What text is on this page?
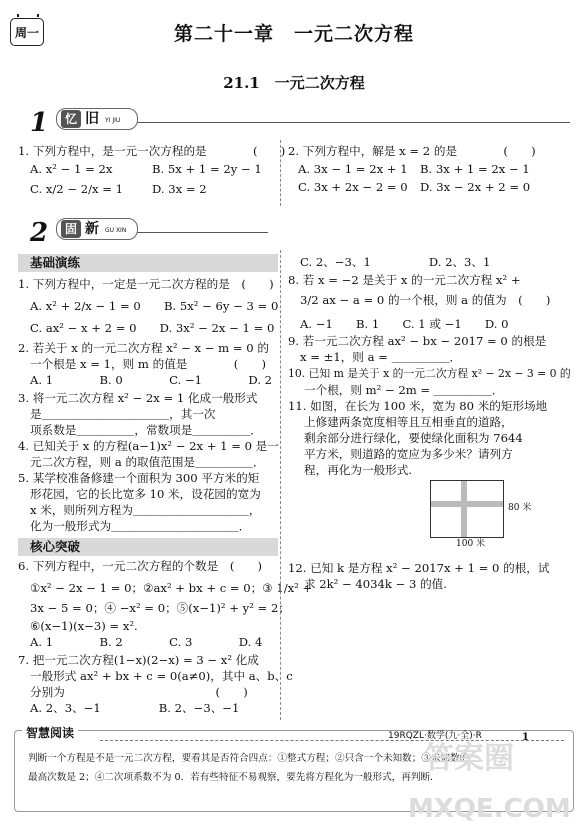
周一	第二十一章　一元二次方程
21.1　一元二次方程
1	忆 旧 YI JIU
1. 下列方程中，是一元一次方程的是　　　　(　　)
A. x² − 1 = 2x	B. 5x + 1 = 2y − 1
C. x/2 − 2/x = 1 D. 3x = 2
2. 下列方程中，解是 x = 2 的是　　　　(　　)
A. 3x − 1 = 2x + 1 B. 3x + 1 = 2x − 1
C. 3x + 2x − 2 = 0 D. 3x − 2x + 2 = 0
2	固 新 GU XIN
基础演练
1. 下列方程中，一定是一元二次方程的是　(　　)
A. x² + 2/x − 1 = 0　　B. 5x² − 6y − 3 = 0
C. ax² − x + 2 = 0　　D. 3x² − 2x − 1 = 0
2. 若关于 x 的一元二次方程 x² − x − m = 0 的
一个根是 x = 1，则 m 的值是　　　　(　　)
A. 1　　　　B. 0　　　　C. −1　　　　D. 2
3. 将一元二次方程 x² − 2x = 1 化成一般形式
是＿＿＿＿＿＿＿＿＿＿＿，其一次
项系数是＿＿＿＿＿，常数项是＿＿＿＿＿．
4. 已知关于 x 的方程(a−1)x² − 2x + 1 = 0 是一
元二次方程，则 a 的取值范围是＿＿＿＿＿．
5. 某学校准备修建一个面积为 300 平方米的矩
形花园，它的长比宽多 10 米，设花园的宽为
x 米，则所列方程为＿＿＿＿＿＿＿＿＿＿，
化为一般形式为＿＿＿＿＿＿＿＿＿＿＿．
核心突破
6. 下列方程中，一元二次方程的个数是　(　　)
①x² − 2x − 1 = 0；②ax² + bx + c = 0；③ 1/x² +
3x − 5 = 0；④ −x² = 0；⑤(x−1)² + y² = 2；
⑥(x−1)(x−3) = x².
A. 1　　　　B. 2　　　　C. 3　　　　D. 4
7. 把一元二次方程(1−x)(2−x) = 3 − x² 化成
一般形式 ax² + bx + c = 0(a≠0)，其中 a、b、c
分别为　　　　　　　　　　　　　(　　)
A. 2、3、−1　　　　　B. 2、−3、−1
C. 2、−3、1　　　　　D. 2、3、1
8. 若 x = −2 是关于 x 的一元二次方程 x² +
3/2 ax − a = 0 的一个根，则 a 的值为　(　　)
A. −1　　B. 1　　C. 1 或 −1　　D. 0
9. 若一元二次方程 ax² − bx − 2017 = 0 的根是
x = ±1，则 a = ＿＿＿＿＿．
10. 已知 m 是关于 x 的一元二次方程 x² − 2x − 3 = 0 的
一个根，则 m² − 2m = ＿＿＿＿＿．
11. 如图，在长为 100 米，宽为 80 米的矩形场地
上修建两条宽度相等且互相垂直的道路，
剩余部分进行绿化，要使绿化面积为 7644
平方米，则道路的宽应为多少米？请列方
程，再化为一般形式.
80 米
100 米
12. 已知 k 是方程 x² − 2017x + 1 = 0 的根，试
求 2k² − 4034k − 3 的值.
智慧阅读	19RQZL·数学(九·全)·R	1
判断一个方程是不是一元二次方程，要看其是否符合四点：①整式方程；②只含一个未知数；③未知数的
最高次数是 2；④二次项系数不为 0．若有些特征不易观察，要先将方程化为一般形式，再判断．
答案圈
MXQE.COM
